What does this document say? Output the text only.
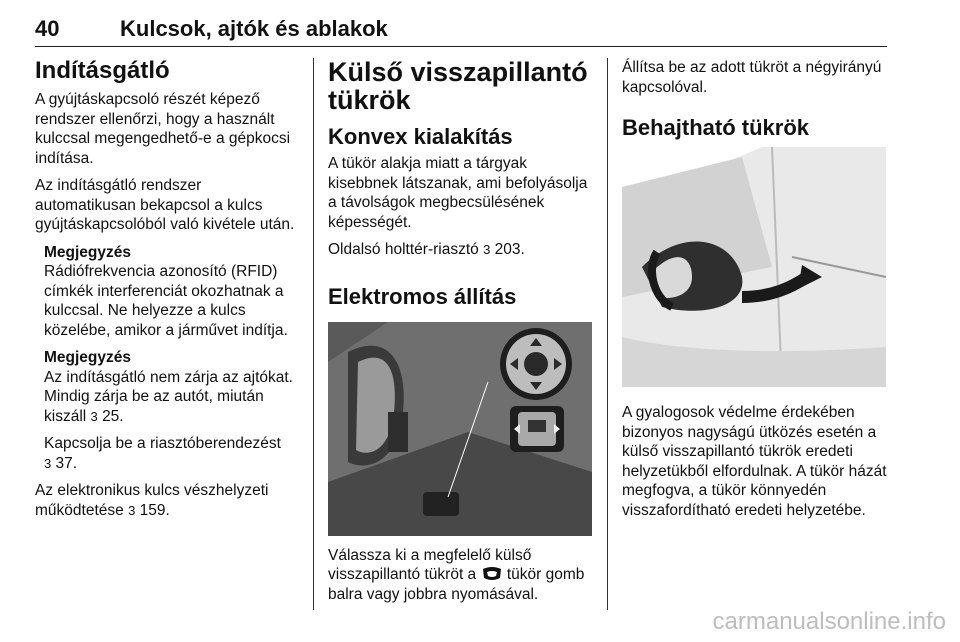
40	Kulcsok, ajtók és ablakok
Indításgátló

A gyújtáskapcsoló részét képező rendszer ellenőrzi, hogy a használt kulccsal megengedhető-e a gépkocsi indítása.

Az indításgátló rendszer automatikusan bekapcsol a kulcs gyújtáskapcsolóból való kivétele után.

Megjegyzés

Rádiófrekvencia azonosító (RFID) címkék interferenciát okozhatnak a kulccsal. Ne helyezze a kulcs közelébe, amikor a járművet indítja.

Megjegyzés

Az indításgátló nem zárja az ajtókat. Mindig zárja be az autót, miután kiszáll 3 25.

Kapcsolja be a riasztóberendezést
3 37.

Az elektronikus kulcs vészhelyzeti működtetése 3 159.

Külső visszapillantó tükrök
Konvex kialakítás

A tükör alakja miatt a tárgyak kisebbnek látszanak, ami befolyásolja a távolságok megbecsülésének képességét.

Oldalsó holttér-riasztó 3 203.

Elektromos állítás

Válassza ki a megfelelő külső visszapillantó tükröt a tükör gomb balra vagy jobbra nyomásával.

Állítsa be az adott tükröt a négyirányú kapcsolóval.

Behajtható tükrök

A gyalogosok védelme érdekében bizonyos nagyságú ütközés esetén a külső visszapillantó tükrök eredeti helyzetükből elfordulnak. A tükör házát megfogva, a tükör könnyedén visszafordítható eredeti helyzetébe.

carmanualsonline.info
